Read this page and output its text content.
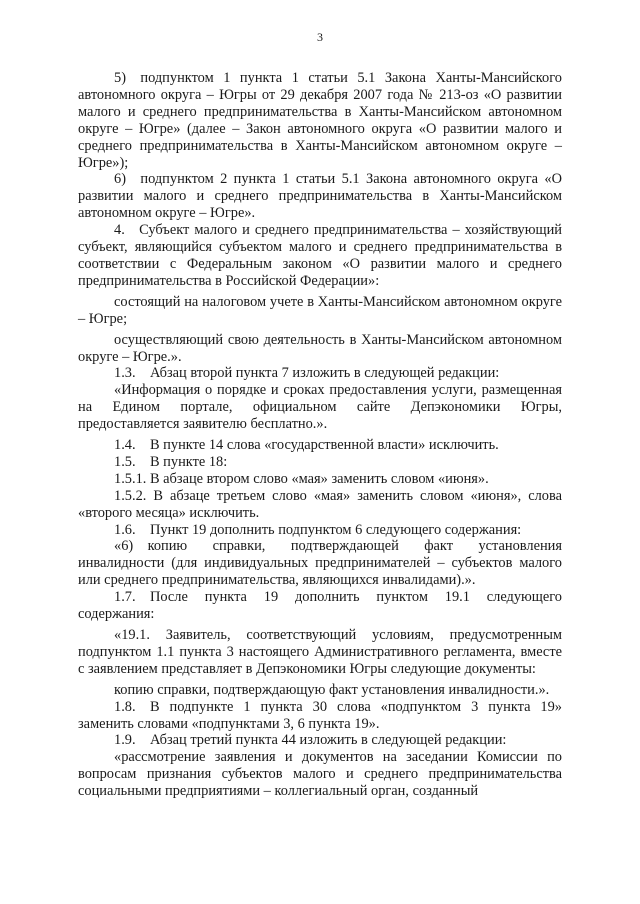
3

5) подпунктом 1 пункта 1 статьи 5.1 Закона Ханты-Мансийского автономного округа – Югры от 29 декабря 2007 года № 213-оз «О развитии малого и среднего предпринимательства в Ханты-Мансийском автономном округе – Югре» (далее – Закон автономного округа «О развитии малого и среднего предпринимательства в Ханты-Мансийском автономном округе – Югре»);

6) подпунктом 2 пункта 1 статьи 5.1 Закона автономного округа «О развитии малого и среднего предпринимательства в Ханты-Мансийском автономном округе – Югре».

4. Субъект малого и среднего предпринимательства – хозяйствующий субъект, являющийся субъектом малого и среднего предпринимательства в соответствии с Федеральным законом «О развитии малого и среднего предпринимательства в Российской Федерации»:

состоящий на налоговом учете в Ханты-Мансийском автономном округе – Югре;

осуществляющий свою деятельность в Ханты-Мансийском автономном округе – Югре.».

1.3. Абзац второй пункта 7 изложить в следующей редакции:

«Информация о порядке и сроках предоставления услуги, размещенная на Едином портале, официальном сайте Депэкономики Югры, предоставляется заявителю бесплатно.».

1.4. В пункте 14 слова «государственной власти» исключить.

1.5. В пункте 18:

1.5.1. В абзаце втором слово «мая» заменить словом «июня».

1.5.2. В абзаце третьем слово «мая» заменить словом «июня», слова «второго месяца» исключить.

1.6. Пункт 19 дополнить подпунктом 6 следующего содержания:

«6) копию справки, подтверждающей факт установления инвалидности (для индивидуальных предпринимателей – субъектов малого или среднего предпринимательства, являющихся инвалидами).».

1.7. После пункта 19 дополнить пунктом 19.1 следующего содержания:

«19.1. Заявитель, соответствующий условиям, предусмотренным подпунктом 1.1 пункта 3 настоящего Административного регламента, вместе с заявлением представляет в Депэкономики Югры следующие документы:

копию справки, подтверждающую факт установления инвалидности.».

1.8. В подпункте 1 пункта 30 слова «подпунктом 3 пункта 19» заменить словами «подпунктами 3, 6 пункта 19».

1.9. Абзац третий пункта 44 изложить в следующей редакции:

«рассмотрение заявления и документов на заседании Комиссии по вопросам признания субъектов малого и среднего предпринимательства социальными предприятиями – коллегиальный орган, созданный
